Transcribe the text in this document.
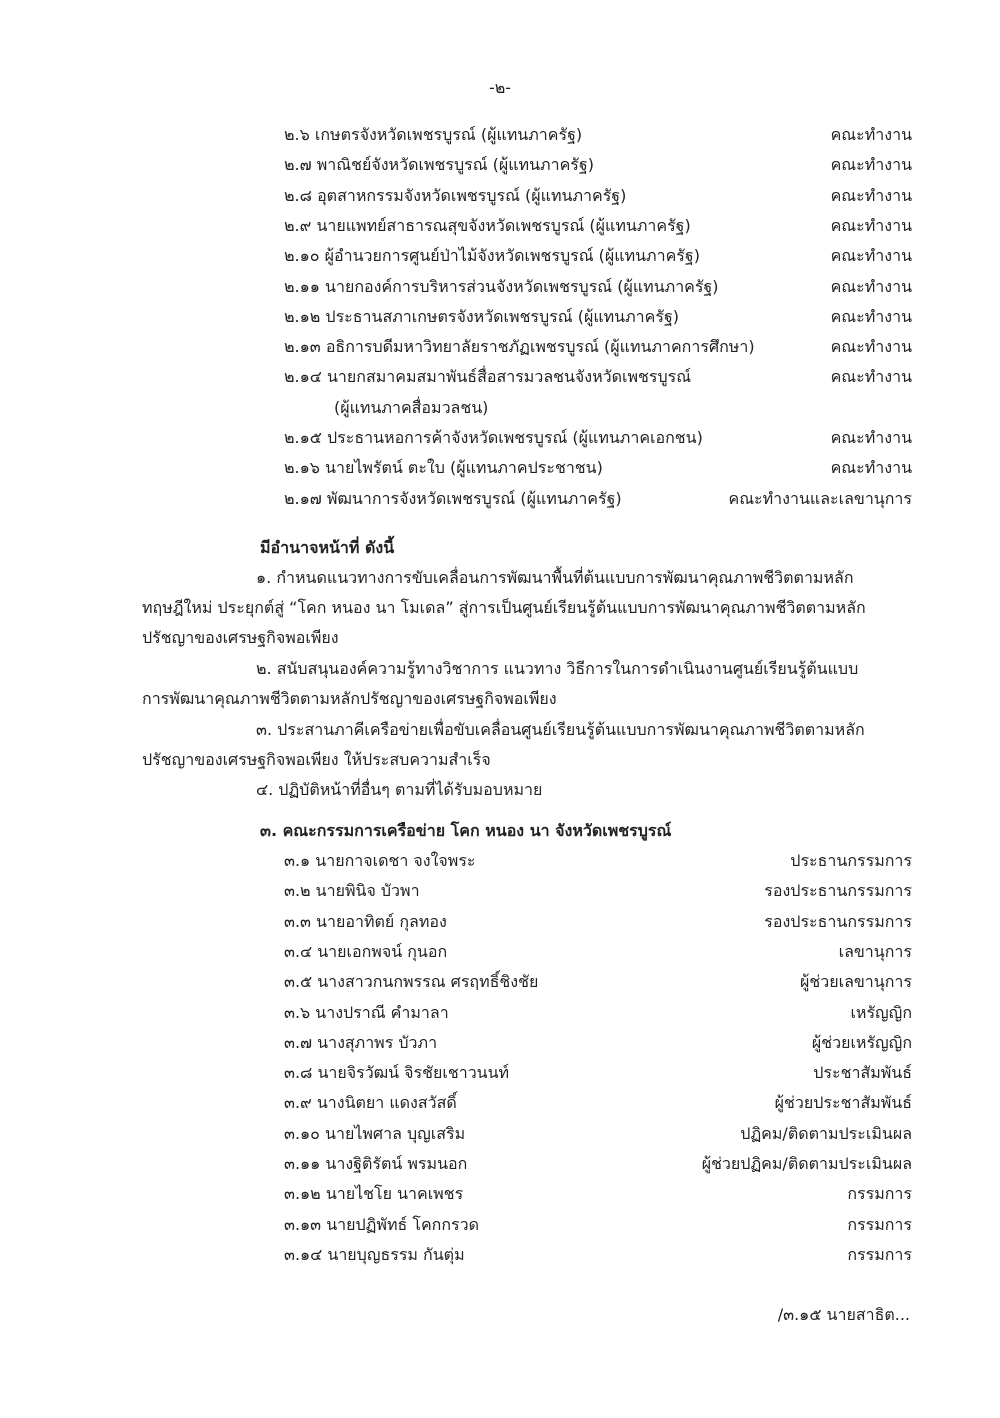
-๒-
๒.๖ เกษตรจังหวัดเพชรบูรณ์ (ผู้แทนภาครัฐ)	คณะทำงาน
๒.๗ พาณิชย์จังหวัดเพชรบูรณ์ (ผู้แทนภาครัฐ)	คณะทำงาน
๒.๘ อุตสาหกรรมจังหวัดเพชรบูรณ์ (ผู้แทนภาครัฐ)	คณะทำงาน
๒.๙ นายแพทย์สาธารณสุขจังหวัดเพชรบูรณ์ (ผู้แทนภาครัฐ)	คณะทำงาน
๒.๑๐ ผู้อำนวยการศูนย์ป่าไม้จังหวัดเพชรบูรณ์ (ผู้แทนภาครัฐ)	คณะทำงาน
๒.๑๑ นายกองค์การบริหารส่วนจังหวัดเพชรบูรณ์ (ผู้แทนภาครัฐ)	คณะทำงาน
๒.๑๒ ประธานสภาเกษตรจังหวัดเพชรบูรณ์ (ผู้แทนภาครัฐ)	คณะทำงาน
๒.๑๓ อธิการบดีมหาวิทยาลัยราชภัฏเพชรบูรณ์ (ผู้แทนภาคการศึกษา)	คณะทำงาน
๒.๑๔ นายกสมาคมสมาพันธ์สื่อสารมวลชนจังหวัดเพชรบูรณ์	คณะทำงาน
(ผู้แทนภาคสื่อมวลชน)
๒.๑๕ ประธานหอการค้าจังหวัดเพชรบูรณ์ (ผู้แทนภาคเอกชน)	คณะทำงาน
๒.๑๖ นายไพรัตน์ ตะใบ (ผู้แทนภาคประชาชน)	คณะทำงาน
๒.๑๗ พัฒนาการจังหวัดเพชรบูรณ์ (ผู้แทนภาครัฐ)	คณะทำงานและเลขานุการ
มีอำนาจหน้าที่ ดังนี้
๑. กำหนดแนวทางการขับเคลื่อนการพัฒนาพื้นที่ต้นแบบการพัฒนาคุณภาพชีวิตตามหลัก
ทฤษฎีใหม่ ประยุกต์สู่ “โคก หนอง นา โมเดล” สู่การเป็นศูนย์เรียนรู้ต้นแบบการพัฒนาคุณภาพชีวิตตามหลัก
ปรัชญาของเศรษฐกิจพอเพียง
๒. สนับสนุนองค์ความรู้ทางวิชาการ แนวทาง วิธีการในการดำเนินงานศูนย์เรียนรู้ต้นแบบ
การพัฒนาคุณภาพชีวิตตามหลักปรัชญาของเศรษฐกิจพอเพียง
๓. ประสานภาคีเครือข่ายเพื่อขับเคลื่อนศูนย์เรียนรู้ต้นแบบการพัฒนาคุณภาพชีวิตตามหลัก
ปรัชญาของเศรษฐกิจพอเพียง ให้ประสบความสำเร็จ
๔. ปฏิบัติหน้าที่อื่นๆ ตามที่ได้รับมอบหมาย
๓. คณะกรรมการเครือข่าย โคก หนอง นา จังหวัดเพชรบูรณ์
๓.๑ นายกาจเดชา จงใจพระ	ประธานกรรมการ
๓.๒ นายพินิจ บัวพา	รองประธานกรรมการ
๓.๓ นายอาทิตย์ กุลทอง	รองประธานกรรมการ
๓.๔ นายเอกพจน์ กุนอก	เลขานุการ
๓.๕ นางสาวกนกพรรณ ศรฤทธิ์ชิงชัย	ผู้ช่วยเลขานุการ
๓.๖ นางปราณี คำมาลา	เหรัญญิก
๓.๗ นางสุภาพร บัวภา	ผู้ช่วยเหรัญญิก
๓.๘ นายจิรวัฒน์ จิรชัยเชาวนนท์	ประชาสัมพันธ์
๓.๙ นางนิตยา แดงสวัสดิ์	ผู้ช่วยประชาสัมพันธ์
๓.๑๐ นายไพศาล บุญเสริม	ปฏิคม/ติดตามประเมินผล
๓.๑๑ นางฐิติรัตน์ พรมนอก	ผู้ช่วยปฏิคม/ติดตามประเมินผล
๓.๑๒ นายไชโย นาคเพชร	กรรมการ
๓.๑๓ นายปฏิพัทธ์ โคกกรวด	กรรมการ
๓.๑๔ นายบุญธรรม กันตุ่ม	กรรมการ
/๓.๑๕ นายสาธิต...
